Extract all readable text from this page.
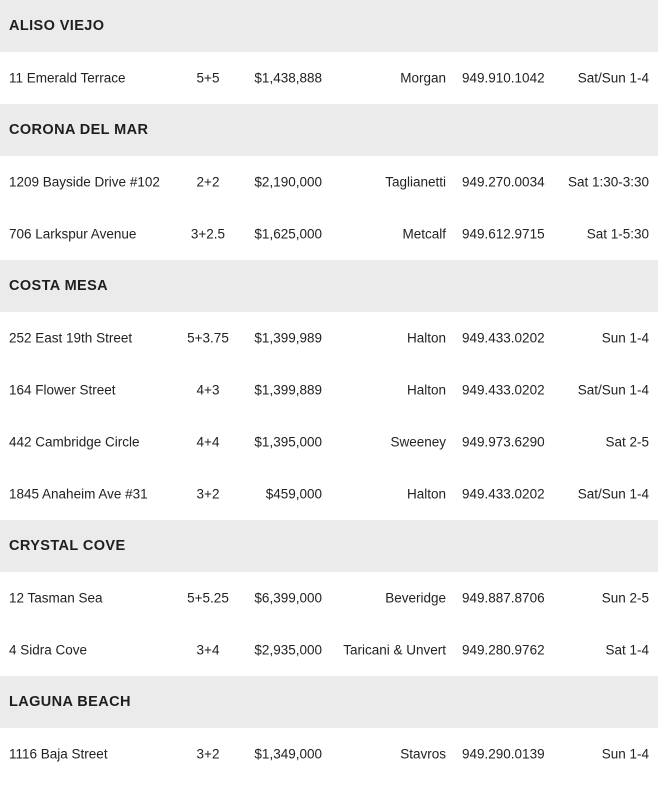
ALISO VIEJO
11 Emerald Terrace	5+5	$1,438,888	Morgan 949.910.1042 Sat/Sun 1-4
CORONA DEL MAR
1209 Bayside Drive #102	2+2	$2,190,000	Taglianetti 949.270.0034 Sat 1:30-3:30
706 Larkspur Avenue	3+2.5	$1,625,000	Metcalf 949.612.9715	Sat 1-5:30
COSTA MESA
252 East 19th Street	5+3.75	$1,399,989	Halton 949.433.0202	Sun 1-4
164 Flower Street	4+3	$1,399,889	Halton 949.433.0202 Sat/Sun 1-4
442 Cambridge Circle	4+4	$1,395,000	Sweeney 949.973.6290	Sat 2-5
1845 Anaheim Ave #31	3+2	$459,000	Halton 949.433.0202 Sat/Sun 1-4
CRYSTAL COVE
12 Tasman Sea	5+5.25	$6,399,000	Beveridge 949.887.8706	Sun 2-5
4 Sidra Cove	3+4	$2,935,000 Taricani & Unvert 949.280.9762	Sat 1-4
LAGUNA BEACH
1116 Baja Street	3+2	$1,349,000	Stavros 949.290.0139	Sun 1-4
